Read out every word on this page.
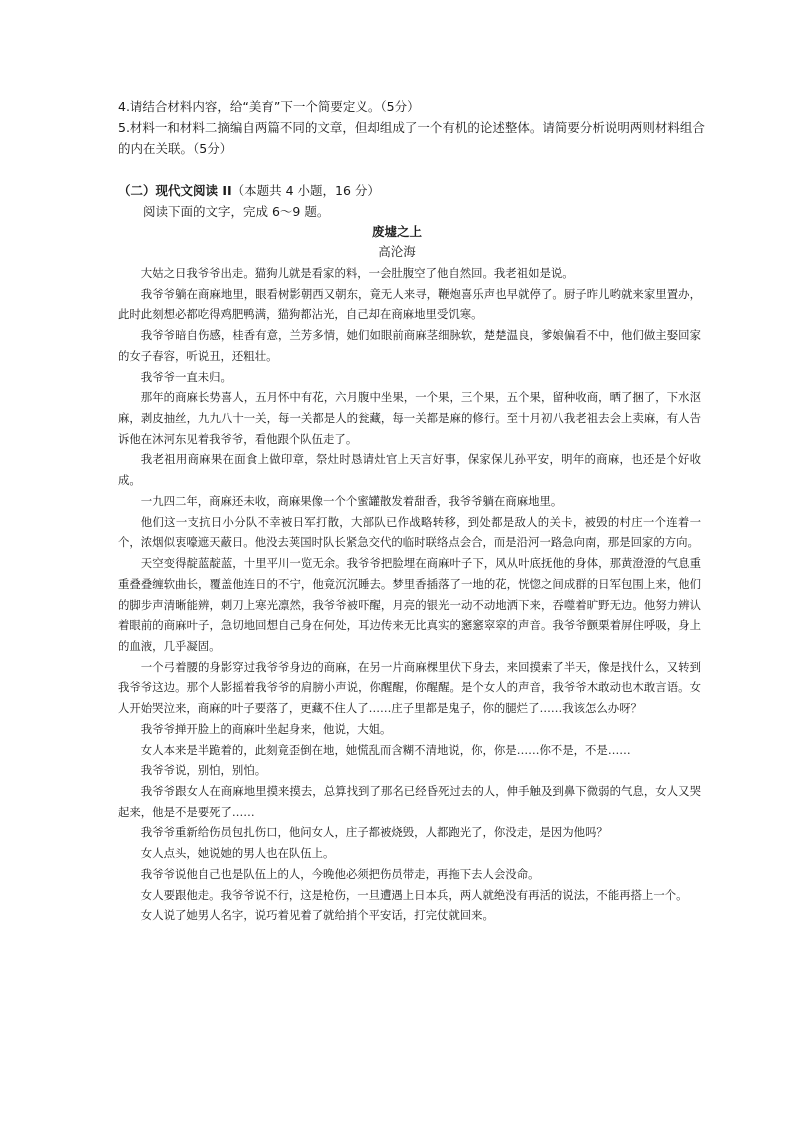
4.请结合材料内容，给“美育”下一个简要定义。（5分）
5.材料一和材料二摘编自两篇不同的文章，但却组成了一个有机的论述整体。请简要分析说明两则材料组合的内在关联。（5分）
（二）现代文阅读 II（本题共 4 小题，16 分）
阅读下面的文字，完成 6～9 题。
废墟之上
高沦海

大姑之日我爷爷出走。猫狗儿就是看家的料，一会肚腹空了他自然回。我老祖如是说。

我爷爷躺在商麻地里，眼看树影朝西又朝东，竟无人来寻，鞭炮喜乐声也早就停了。厨子昨儿哟就来家里置办，此时此刻想必都吃得鸡肥鸭满，猫狗都沾光，自己却在商麻地里受饥寒。

我爷爷暗自伤感，桂香有意，兰芳多情，她们如眼前商麻茎细脉软，楚楚温良，爹娘偏看不中，他们做主娶回家的女子春容，听说丑，还粗壮。

我爷爷一直未归。

那年的商麻长势喜人，五月怀中有花，六月腹中坐果，一个果，三个果，五个果，留种收商，晒了捆了，下水沤麻，剥皮抽丝，九九八十一关，每一关都是人的瓮藏，每一关都是麻的修行。至十月初八我老祖去会上卖麻，有人告诉他在沐河东见着我爷爷，看他跟个队伍走了。

我老祖用商麻果在面食上做印章，祭灶时恳请灶官上天言好事，保家保儿孙平安，明年的商麻，也还是个好收成。

一九四二年，商麻还未收，商麻果像一个个蜜罐散发着甜香，我爷爷躺在商麻地里。

他们这一支抗日小分队不幸被日军打散，大部队已作战略转移，到处都是敌人的关卡，被毁的村庄一个连着一个，浓烟似衷嚎遮天蔽日。他没去荚国时队长紧急交代的临时联络点会合，而是沿河一路急向南，那是回家的方向。

天空变得靛蓝靛蓝，十里平川一览无余。我爷爷把脸埋在商麻叶子下，风从叶底抚他的身体，那黄澄澄的气息重重叠叠缠软曲长，覆盖他连日的不宁，他竟沉沉睡去。梦里香插落了一地的花，恍惚之间成群的日军包围上来，他们的脚步声清晰能辨，刺刀上寒光凛然，我爷爷被吓醒，月亮的银光一动不动地洒下来，吞噬着旷野无边。他努力辨认着眼前的商麻叶子，急切地回想自己身在何处，耳边传来无比真实的窸窸窣窣的声音。我爷爷颤栗着屏住呼吸，身上的血液，几乎凝固。

一个弓着腰的身影穿过我爷爷身边的商麻，在另一片商麻棵里伏下身去，来回摸索了半天，像是找什么，又转到我爷爷这边。那个人影摇着我爷爷的肩膀小声说，你醒醒，你醒醒。是个女人的声音，我爷爷木敢动也木敢言语。女人开始哭泣来，商麻的叶子要落了，更藏不住人了……庄子里都是鬼子，你的腿烂了……我该怎么办呀？

我爷爷掸开脸上的商麻叶坐起身来，他说，大姐。

女人本来是半跪着的，此刻竟歪倒在地，她慌乱而含糊不清地说，你，你是……你不是，不是……

我爷爷说，别怕，别怕。

我爷爷跟女人在商麻地里摸来摸去，总算找到了那名已经昏死过去的人，伸手触及到鼻下微弱的气息，女人又哭起来，他是不是要死了……

我爷爷重新给伤员包扎伤口，他问女人，庄子都被烧毁，人都跑光了，你没走，是因为他吗？

女人点头，她说她的男人也在队伍上。

我爷爷说他自己也是队伍上的人，今晚他必须把伤员带走，再拖下去人会没命。

女人要跟他走。我爷爷说不行，这是枪伤，一旦遭遇上日本兵，两人就绝没有再活的说法，不能再搭上一个。

女人说了她男人名字，说巧着见着了就给捎个平安话，打完仗就回来。
